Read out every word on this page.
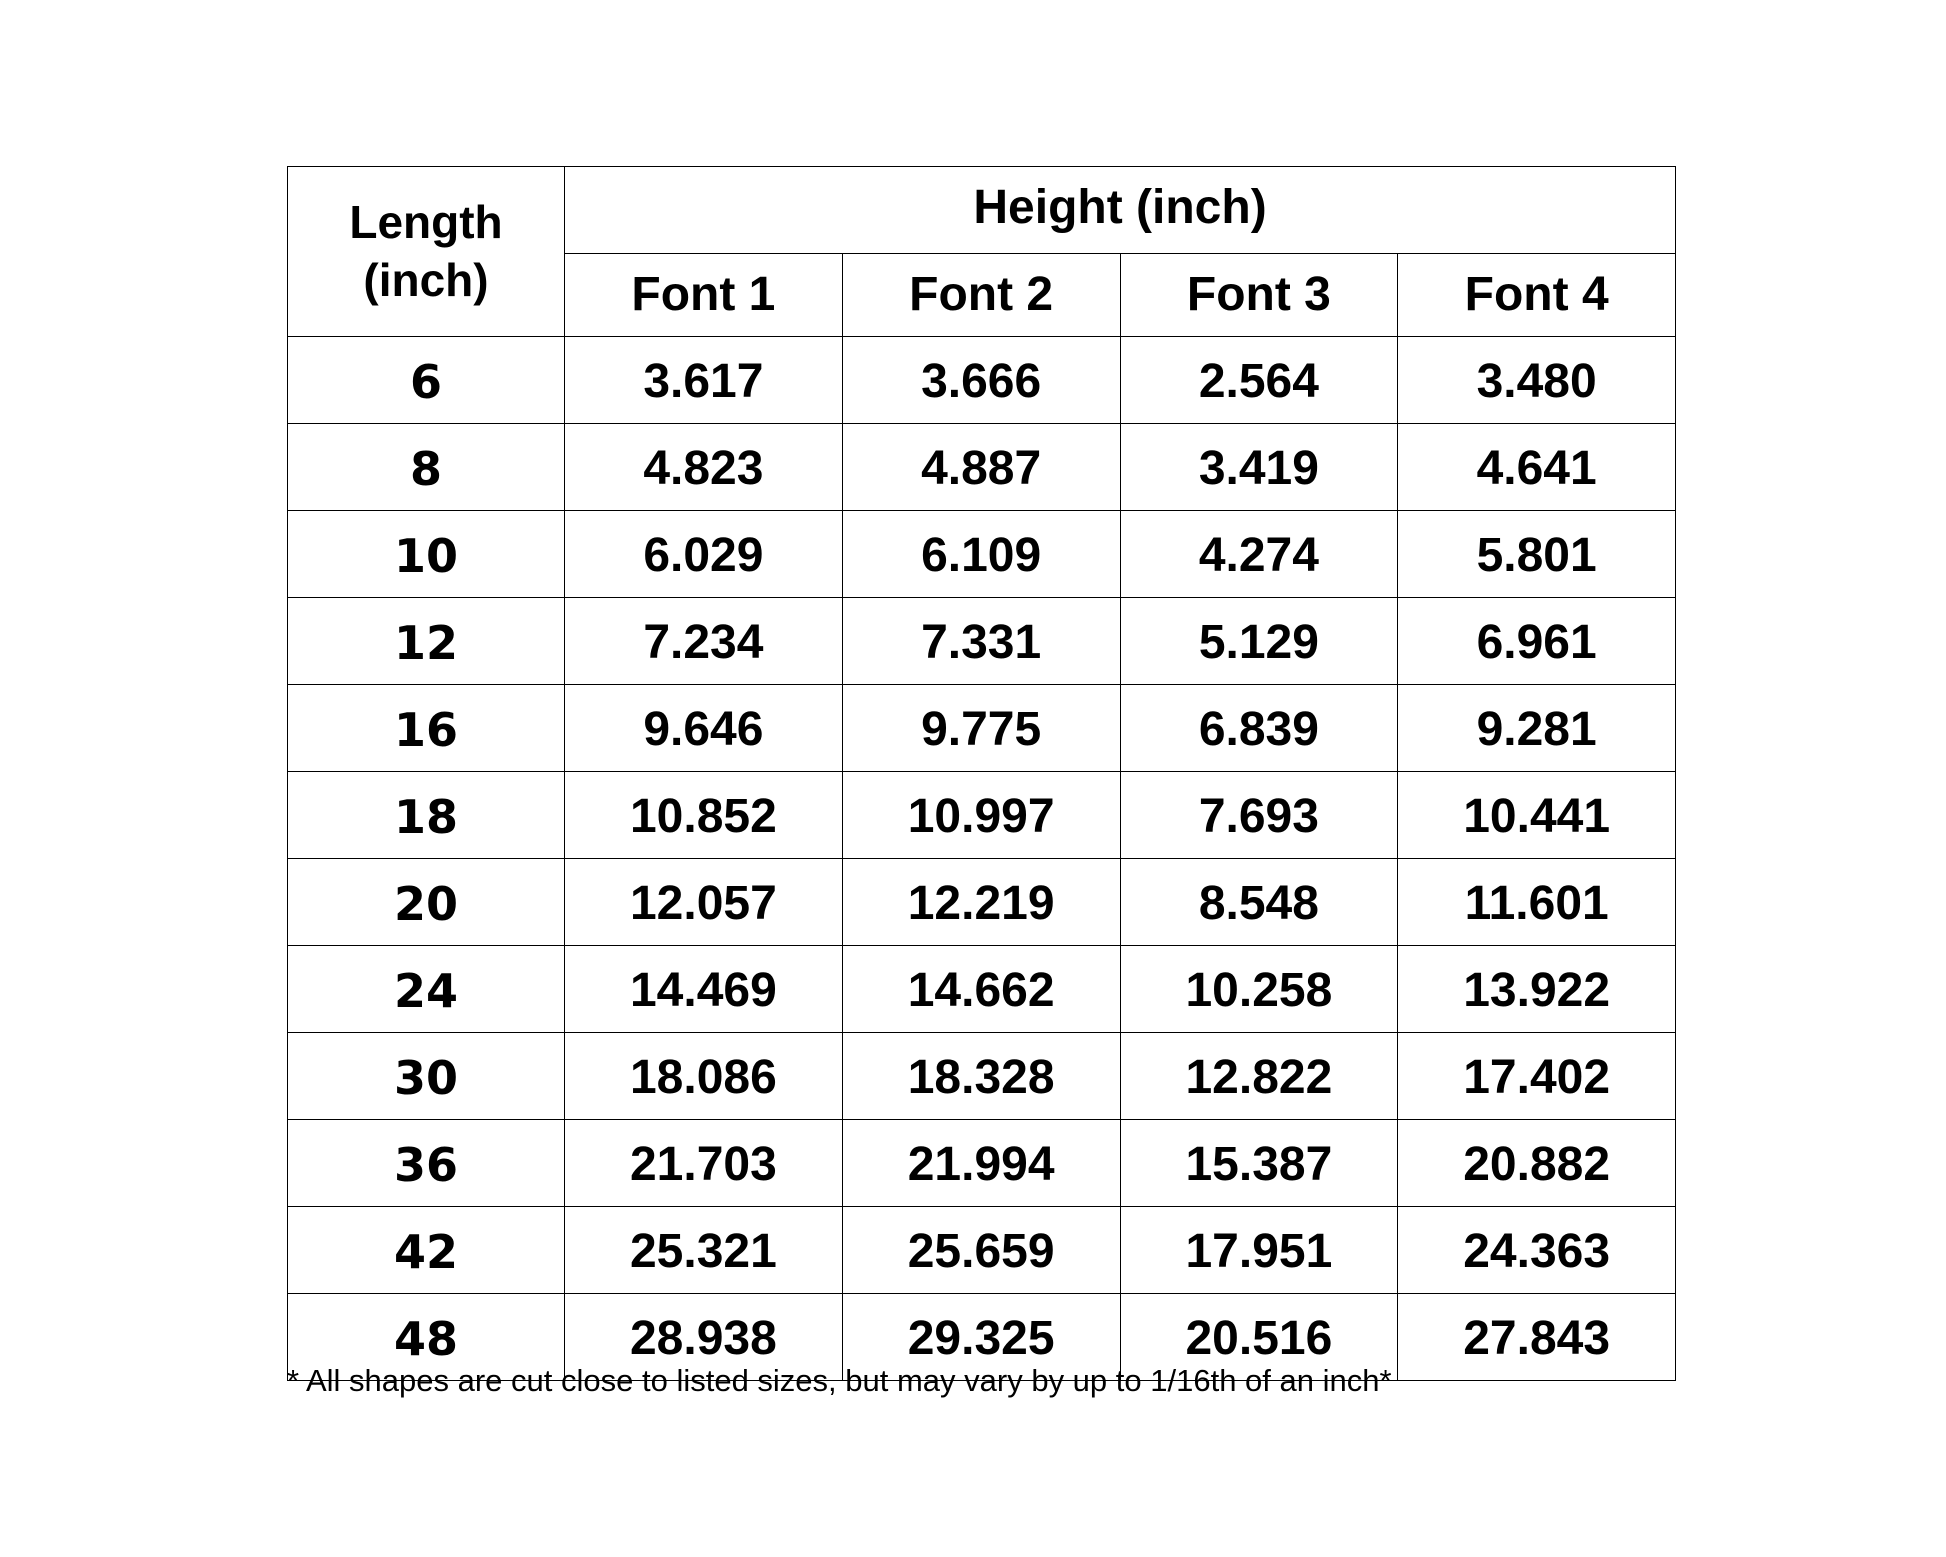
Length (inch)	Height (inch)			
	Font 1	Font 2	Font 3	Font 4
6	3.617	3.666	2.564	3.480
8	4.823	4.887	3.419	4.641
10	6.029	6.109	4.274	5.801
12	7.234	7.331	5.129	6.961
16	9.646	9.775	6.839	9.281
18	10.852	10.997	7.693	10.441
20	12.057	12.219	8.548	11.601
24	14.469	14.662	10.258	13.922
30	18.086	18.328	12.822	17.402
36	21.703	21.994	15.387	20.882
42	25.321	25.659	17.951	24.363
48	28.938	29.325	20.516	27.843
* All shapes are cut close to listed sizes, but may vary by up to 1/16th of an inch*
